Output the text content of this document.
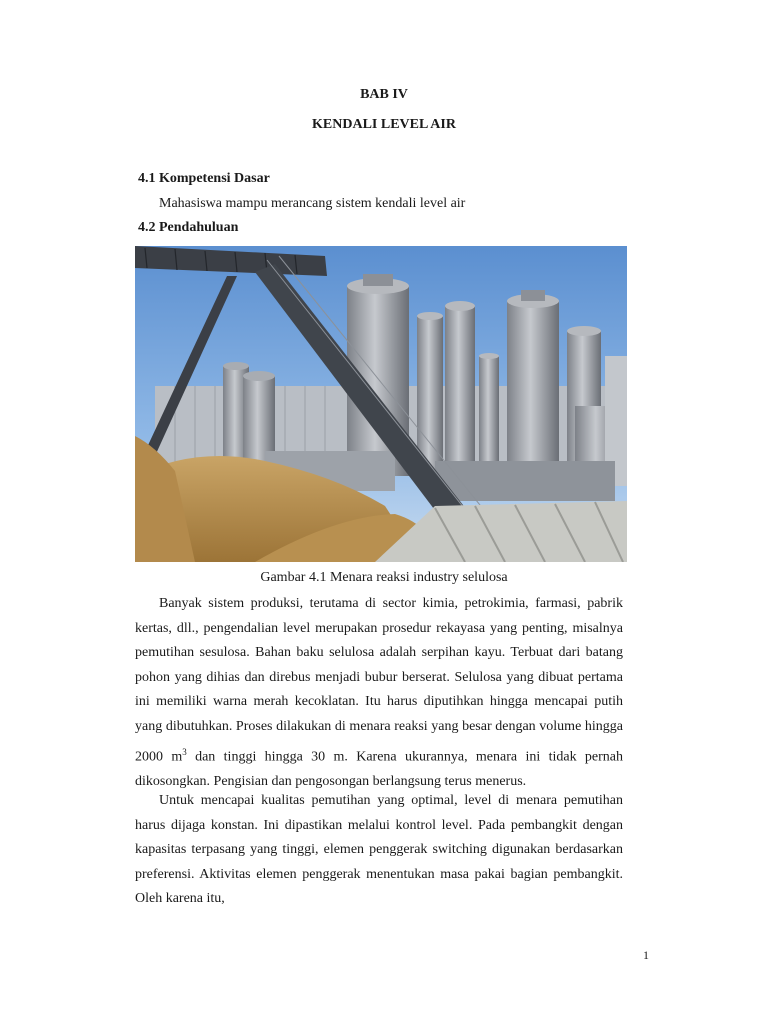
BAB IV
KENDALI LEVEL AIR
4.1 Kompetensi Dasar
Mahasiswa mampu merancang sistem kendali level air
4.2 Pendahuluan
Gambar 4.1 Menara reaksi industry selulosa
Banyak sistem produksi, terutama di sector kimia, petrokimia, farmasi, pabrik kertas, dll., pengendalian level merupakan prosedur rekayasa yang penting, misalnya pemutihan sesulosa. Bahan baku selulosa adalah serpihan kayu. Terbuat dari batang pohon yang dihias dan direbus menjadi bubur berserat. Selulosa yang dibuat pertama ini memiliki warna merah kecoklatan. Itu harus diputihkan hingga mencapai putih yang dibutuhkan. Proses dilakukan di menara reaksi yang besar dengan volume hingga 2000 $m^3$ dan tinggi hingga 30 m. Karena ukurannya, menara ini tidak pernah dikosongkan. Pengisian dan pengosongan berlangsung terus menerus.
Untuk mencapai kualitas pemutihan yang optimal, level di menara pemutihan harus dijaga konstan. Ini dipastikan melalui kontrol level. Pada pembangkit dengan kapasitas terpasang yang tinggi, elemen penggerak switching digunakan berdasarkan preferensi. Aktivitas elemen penggerak menentukan masa pakai bagian pembangkit. Oleh karena itu,
1
